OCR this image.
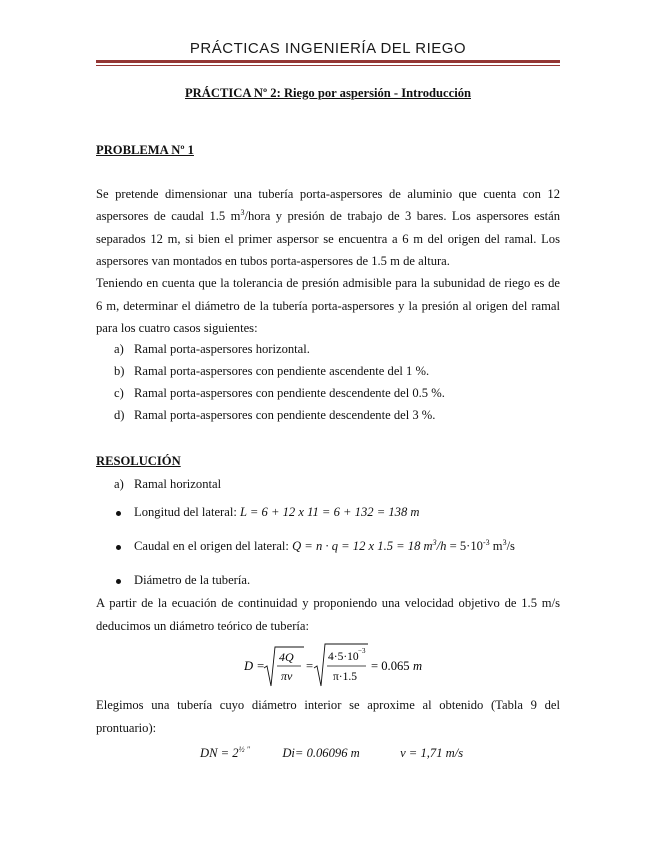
PRÁCTICAS INGENIERÍA DEL RIEGO
PRÁCTICA Nº 2: Riego por aspersión - Introducción
PROBLEMA Nº 1
Se pretende dimensionar una tubería porta-aspersores de aluminio que cuenta con 12
aspersores de caudal 1.5 $m^3$/hora y presión de trabajo de 3 bares. Los aspersores están
separados 12 m, si bien el primer aspersor se encuentra a 6 m del origen del ramal. Los
aspersores van montados en tubos porta-aspersores de 1.5 m de altura.
Teniendo en cuenta que la tolerancia de presión admisible para la subunidad de riego es de 6 m, determinar el diámetro de la tubería porta-aspersores y la presión al origen del ramal para los cuatro casos siguientes:
a) Ramal porta-aspersores horizontal.
b) Ramal porta-aspersores con pendiente ascendente del 1 %.
c) Ramal porta-aspersores con pendiente descendente del 0.5 %.
d) Ramal porta-aspersores con pendiente descendente del 3 %.
RESOLUCIÓN
a) Ramal horizontal
Longitud del lateral: L = 6 + 12 x 11 = 6 + 132 = 138 m
Caudal en el origen del lateral: Q = n · q = 12 x 1.5 = 18 $m^3/h = 5\cdot 10^{-3}$ $m^3/s$
Diámetro de la tubería.
A partir de la ecuación de continuidad y proponiendo una velocidad objetivo de 1.5 m/s deducimos un diámetro teórico de tubería:
D =
4Q
πv
=
4·5·10 −3
π·1.5
= 0.065 m
Elegimos una tubería cuyo diámetro interior se aproxime al obtenido (Tabla 9 del prontuario):
DN = $2^{\frac{1}{2} ''}$	Di= 0.06096 m	v = 1,71 m/s
